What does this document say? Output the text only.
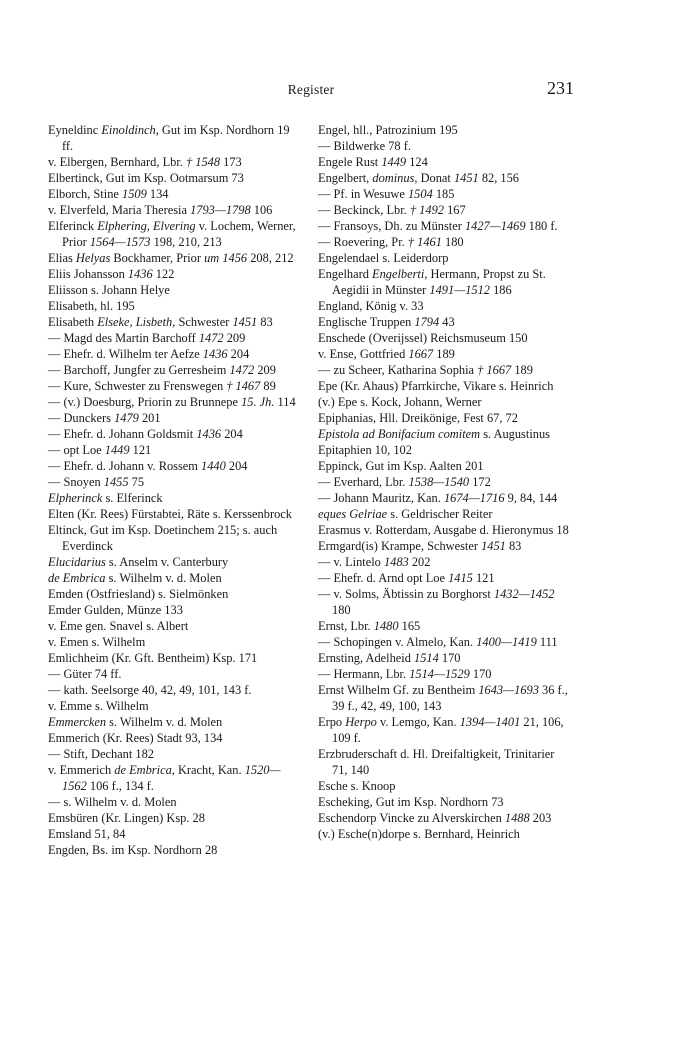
Register	231
Eyneldinc Einoldinch, Gut im Ksp. Nordhorn 19 ff.
v. Elbergen, Bernhard, Lbr. † 1548 173
Elbertinck, Gut im Ksp. Ootmarsum 73
Elborch, Stine 1509 134
v. Elverfeld, Maria Theresia 1793—1798 106
Elferinck Elphering, Elvering v. Lochem, Werner, Prior 1564—1573 198, 210, 213
Elias Helyas Bockhamer, Prior um 1456 208, 212
Eliis Johansson 1436 122
Eliisson s. Johann Helye
Elisabeth, hl. 195
Elisabeth Elseke, Lisbeth, Schwester 1451 83
— Magd des Martin Barchoff 1472 209
— Ehefr. d. Wilhelm ter Aefze 1436 204
— Barchoff, Jungfer zu Gerresheim 1472 209
— Kure, Schwester zu Frenswegen † 1467 89
— (v.) Doesburg, Priorin zu Brunnepe 15. Jh. 114
— Dunckers 1479 201
— Ehefr. d. Johann Goldsmit 1436 204
— opt Loe 1449 121
— Ehefr. d. Johann v. Rossem 1440 204
— Snoyen 1455 75
Elpherinck s. Elferinck
Elten (Kr. Rees) Fürstabtei, Räte s. Kerssenbrock
Eltinck, Gut im Ksp. Doetinchem 215; s. auch Everdinck
Elucidarius s. Anselm v. Canterbury
de Embrica s. Wilhelm v. d. Molen
Emden (Ostfriesland) s. Sielmönken
Emder Gulden, Münze 133
v. Eme gen. Snavel s. Albert
v. Emen s. Wilhelm
Emlichheim (Kr. Gft. Bentheim) Ksp. 171
— Güter 74 ff.
— kath. Seelsorge 40, 42, 49, 101, 143 f.
v. Emme s. Wilhelm
Emmercken s. Wilhelm v. d. Molen
Emmerich (Kr. Rees) Stadt 93, 134
— Stift, Dechant 182
v. Emmerich de Embrica, Kracht, Kan. 1520—1562 106 f., 134 f.
— s. Wilhelm v. d. Molen
Emsbüren (Kr. Lingen) Ksp. 28
Emsland 51, 84
Engden, Bs. im Ksp. Nordhorn 28
Engel, hll., Patrozinium 195
— Bildwerke 78 f.
Engele Rust 1449 124
Engelbert, dominus, Donat 1451 82, 156
— Pf. in Wesuwe 1504 185
— Beckinck, Lbr. † 1492 167
— Fransoys, Dh. zu Münster 1427—1469 180 f.
— Roevering, Pr. † 1461 180
Engelendael s. Leiderdorp
Engelhard Engelberti, Hermann, Propst zu St. Aegidii in Münster 1491—1512 186
England, König v. 33
Englische Truppen 1794 43
Enschede (Overijssel) Reichsmuseum 150
v. Ense, Gottfried 1667 189
— zu Scheer, Katharina Sophia † 1667 189
Epe (Kr. Ahaus) Pfarrkirche, Vikare s. Heinrich
(v.) Epe s. Kock, Johann, Werner
Epiphanias, Hll. Dreikönige, Fest 67, 72
Epistola ad Bonifacium comitem s. Augustinus
Epitaphien 10, 102
Eppinck, Gut im Ksp. Aalten 201
— Everhard, Lbr. 1538—1540 172
— Johann Mauritz, Kan. 1674—1716 9, 84, 144
eques Gelriae s. Geldrischer Reiter
Erasmus v. Rotterdam, Ausgabe d. Hieronymus 18
Ermgard(is) Krampe, Schwester 1451 83
— v. Lintelo 1483 202
— Ehefr. d. Arnd opt Loe 1415 121
— v. Solms, Äbtissin zu Borghorst 1432—1452 180
Ernst, Lbr. 1480 165
— Schopingen v. Almelo, Kan. 1400—1419 111
Ernsting, Adelheid 1514 170
— Hermann, Lbr. 1514—1529 170
Ernst Wilhelm Gf. zu Bentheim 1643—1693 36 f., 39 f., 42, 49, 100, 143
Erpo Herpo v. Lemgo, Kan. 1394—1401 21, 106, 109 f.
Erzbruderschaft d. Hl. Dreifaltigkeit, Trinitarier 71, 140
Esche s. Knoop
Escheking, Gut im Ksp. Nordhorn 73
Eschendorp Vincke zu Alverskirchen 1488 203
(v.) Esche(n)dorpe s. Bernhard, Heinrich
